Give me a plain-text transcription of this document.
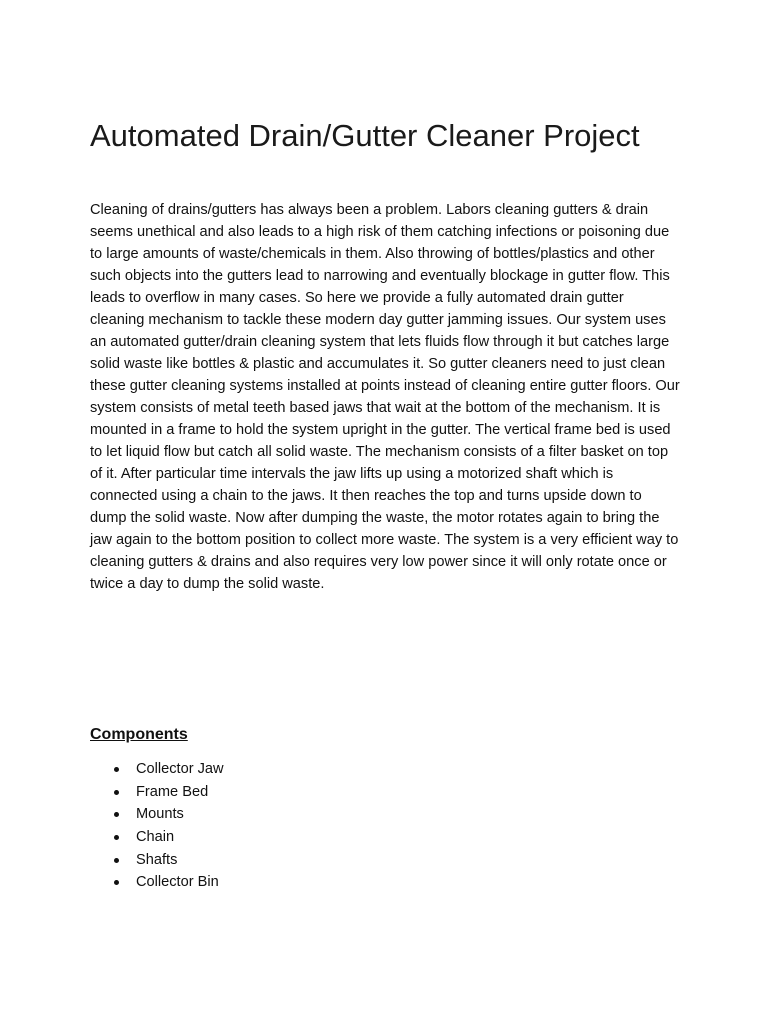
Automated Drain/Gutter Cleaner Project

Cleaning of drains/gutters has always been a problem. Labors cleaning gutters & drain seems unethical and also leads to a high risk of them catching infections or poisoning due to large amounts of waste/chemicals in them. Also throwing of bottles/plastics and other such objects into the gutters lead to narrowing and eventually blockage in gutter flow. This leads to overflow in many cases. So here we provide a fully automated drain gutter cleaning mechanism to tackle these modern day gutter jamming issues. Our system uses an automated gutter/drain cleaning system that lets fluids flow through it but catches large solid waste like bottles & plastic and accumulates it. So gutter cleaners need to just clean these gutter cleaning systems installed at points instead of cleaning entire gutter floors. Our system consists of metal teeth based jaws that wait at the bottom of the mechanism. It is mounted in a frame to hold the system upright in the gutter. The vertical frame bed is used to let liquid flow but catch all solid waste. The mechanism consists of a filter basket on top of it. After particular time intervals the jaw lifts up using a motorized shaft which is connected using a chain to the jaws. It then reaches the top and turns upside down to dump the solid waste. Now after dumping the waste, the motor rotates again to bring the jaw again to the bottom position to collect more waste. The system is a very efficient way to cleaning gutters & drains and also requires very low power since it will only rotate once or twice a day to dump the solid waste.

Components
Collector Jaw
Frame Bed
Mounts
Chain
Shafts
Collector Bin
